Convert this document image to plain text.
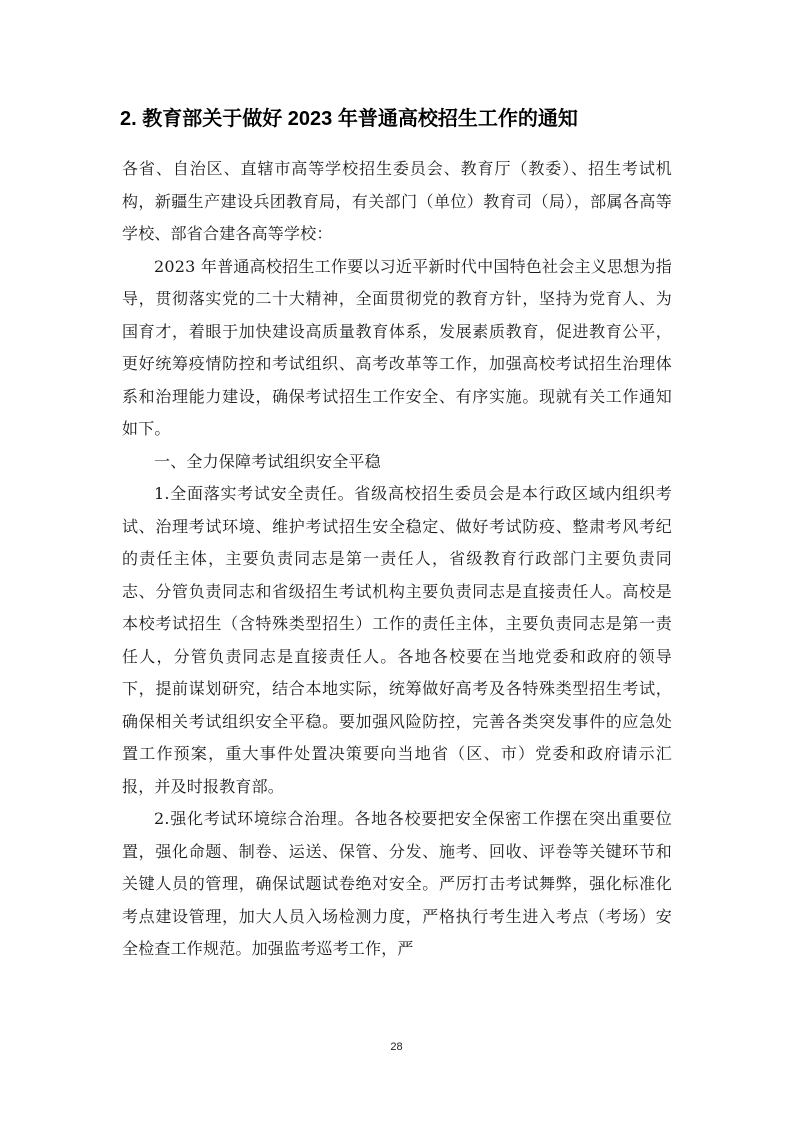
2. 教育部关于做好 2023 年普通高校招生工作的通知

各省、自治区、直辖市高等学校招生委员会、教育厅（教委）、招生考试机构，新疆生产建设兵团教育局，有关部门（单位）教育司（局），部属各高等学校、部省合建各高等学校：

2023 年普通高校招生工作要以习近平新时代中国特色社会主义思想为指导，贯彻落实党的二十大精神，全面贯彻党的教育方针，坚持为党育人、为国育才，着眼于加快建设高质量教育体系，发展素质教育，促进教育公平，更好统筹疫情防控和考试组织、高考改革等工作，加强高校考试招生治理体系和治理能力建设，确保考试招生工作安全、有序实施。现就有关工作通知如下。

一、全力保障考试组织安全平稳

1.全面落实考试安全责任。省级高校招生委员会是本行政区域内组织考试、治理考试环境、维护考试招生安全稳定、做好考试防疫、整肃考风考纪的责任主体，主要负责同志是第一责任人，省级教育行政部门主要负责同志、分管负责同志和省级招生考试机构主要负责同志是直接责任人。高校是本校考试招生（含特殊类型招生）工作的责任主体，主要负责同志是第一责任人，分管负责同志是直接责任人。各地各校要在当地党委和政府的领导下，提前谋划研究，结合本地实际，统筹做好高考及各特殊类型招生考试，确保相关考试组织安全平稳。要加强风险防控，完善各类突发事件的应急处置工作预案，重大事件处置决策要向当地省（区、市）党委和政府请示汇报，并及时报教育部。

2.强化考试环境综合治理。各地各校要把安全保密工作摆在突出重要位置，强化命题、制卷、运送、保管、分发、施考、回收、评卷等关键环节和关键人员的管理，确保试题试卷绝对安全。严厉打击考试舞弊，强化标准化考点建设管理，加大人员入场检测力度，严格执行考生进入考点（考场）安全检查工作规范。加强监考巡考工作，严

28
